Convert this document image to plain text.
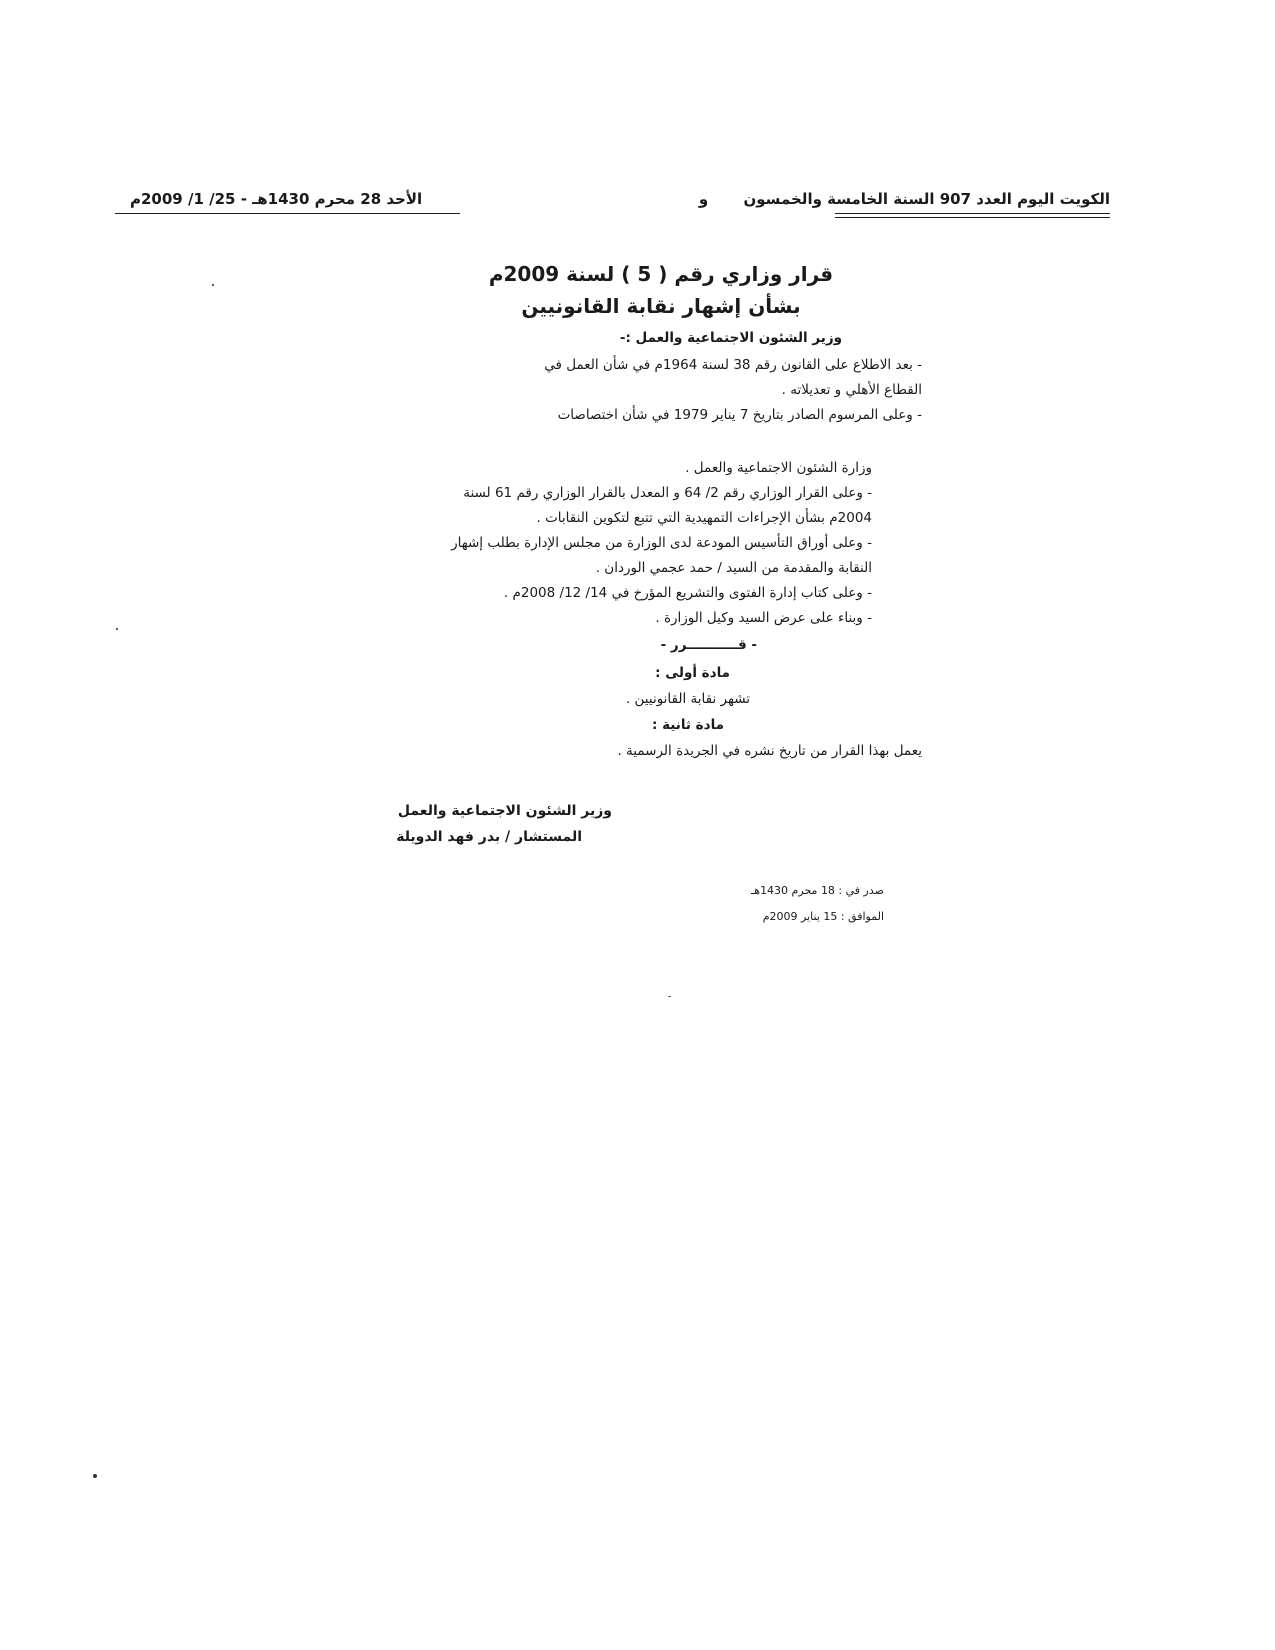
الكويت اليوم العدد 907 السنة الخامسة والخمسون و
الأحد 28 محرم 1430هـ - 25/ 1/ 2009م
قرار وزاري رقم ( 5 ) لسنة 2009م
بشأن إشهار نقابة القانونيين
وزير الشئون الاجتماعية والعمل :-
- بعد الاطلاع على القانون رقم 38 لسنة 1964م في شأن العمل في
القطاع الأهلي و تعديلاته .
- وعلى المرسوم الصادر بتاريخ 7 يناير 1979 في شأن اختصاصات
وزارة الشئون الاجتماعية والعمل .
- وعلى القرار الوزاري رقم 2/ 64 و المعدل بالقرار الوزاري رقم 61 لسنة
2004م بشأن الإجراءات التمهيدية التي تتبع لتكوين النقابات .
- وعلى أوراق التأسيس المودعة لدى الوزارة من مجلس الإدارة بطلب إشهار
النقابة والمقدمة من السيد / حمد عجمي الوردان .
- وعلى كتاب إدارة الفتوى والتشريع المؤرخ في 14/ 12/ 2008م .
- وبناء على عرض السيد وكيل الوزارة .
- قـــــــــــرر -
مادة أولى :
تشهر نقابة القانونيين .
مادة ثانية :
يعمل بهذا القرار من تاريخ نشره في الجريدة الرسمية .
وزير الشئون الاجتماعية والعمل
المستشار / بدر فهد الدويلة
صدر في : 18 محرم 1430هـ
الموافق : 15 يناير 2009م
